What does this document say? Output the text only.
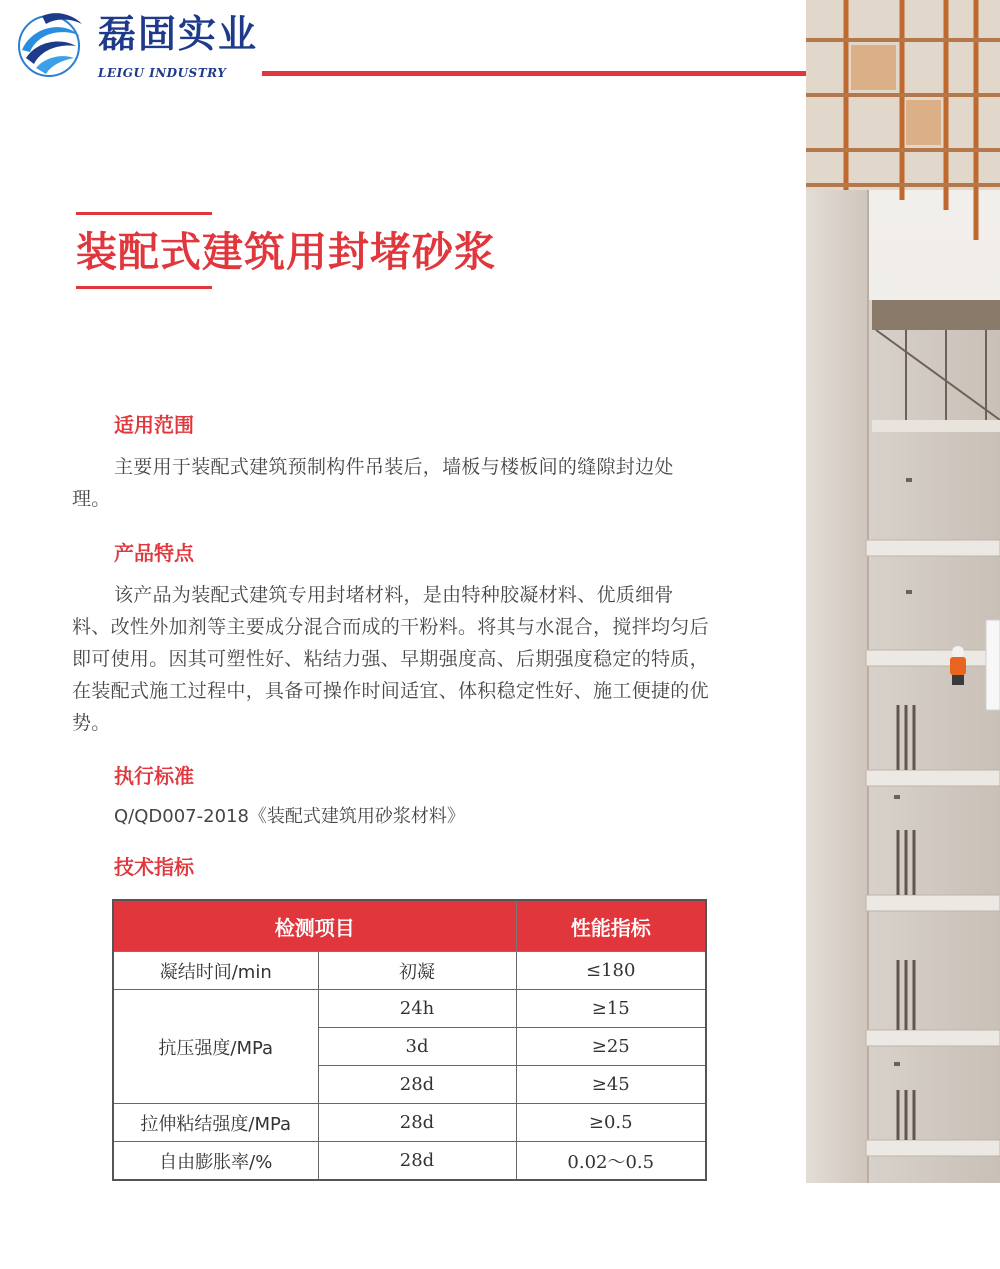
磊固实业
LEIGU INDUSTRY
装配式建筑用封堵砂浆
适用范围

主要用于装配式建筑预制构件吊装后，墙板与楼板间的缝隙封边处理。

产品特点

该产品为装配式建筑专用封堵材料，是由特种胶凝材料、优质细骨料、改性外加剂等主要成分混合而成的干粉料。将其与水混合，搅拌均匀后即可使用。因其可塑性好、粘结力强、早期强度高、后期强度稳定的特质，在装配式施工过程中，具备可操作时间适宜、体积稳定性好、施工便捷的优势。

执行标准
Q/QD007-2018《装配式建筑用砂浆材料》
技术指标
检测项目		性能指标
凝结时间/min	初凝	≤180
抗压强度/MPa	24h	≥15
	3d	≥25
	28d	≥45
拉伸粘结强度/MPa	28d	≥0.5
自由膨胀率/%	28d	0.02～0.5
